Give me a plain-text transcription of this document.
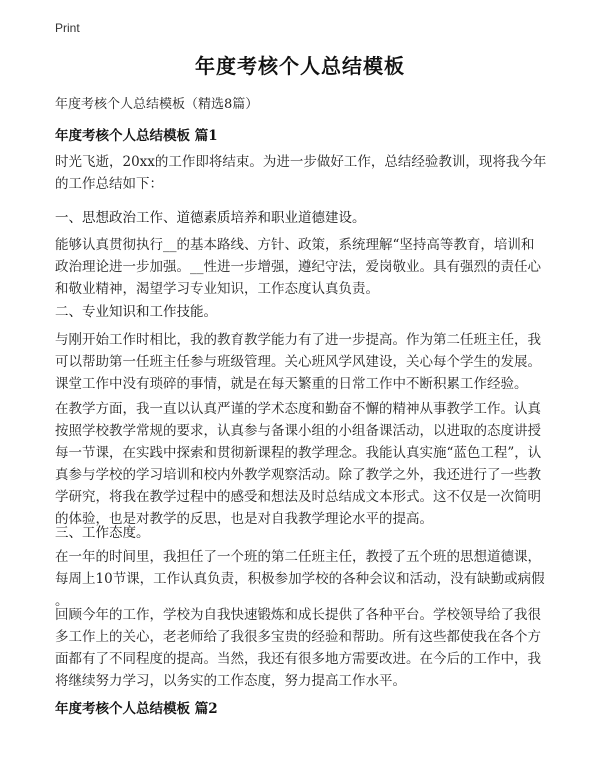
Print
年度考核个人总结模板
年度考核个人总结模板（精选8篇）
年度考核个人总结模板 篇1
时光飞逝，20xx的工作即将结束。为进一步做好工作，总结经验教训，现将我今年
的工作总结如下：
一、思想政治工作、道德素质培养和职业道德建设。
能够认真贯彻执行__的基本路线、方针、政策，系统理解“坚持高等教育，培训和
政治理论进一步加强。__性进一步增强，遵纪守法，爱岗敬业。具有强烈的责任心
和敬业精神，渴望学习专业知识，工作态度认真负责。
二、专业知识和工作技能。
与刚开始工作时相比，我的教育教学能力有了进一步提高。作为第二任班主任，我
可以帮助第一任班主任参与班级管理。关心班风学风建设，关心每个学生的发展。
课堂工作中没有琐碎的事情，就是在每天繁重的日常工作中不断积累工作经验。
在教学方面，我一直以认真严谨的学术态度和勤奋不懈的精神从事教学工作。认真
按照学校教学常规的要求，认真参与备课小组的小组备课活动，以进取的态度讲授
每一节课，在实践中探索和贯彻新课程的教学理念。我能认真实施“蓝色工程”，认
真参与学校的学习培训和校内外教学观察活动。除了教学之外，我还进行了一些教
学研究，将我在教学过程中的感受和想法及时总结成文本形式。这不仅是一次简明
的体验，也是对教学的反思，也是对自我教学理论水平的提高。
三、工作态度。
在一年的时间里，我担任了一个班的第二任班主任，教授了五个班的思想道德课，
每周上10节课，工作认真负责，积极参加学校的各种会议和活动，没有缺勤或病假
。
回顾今年的工作，学校为自我快速锻炼和成长提供了各种平台。学校领导给了我很
多工作上的关心，老老师给了我很多宝贵的经验和帮助。所有这些都使我在各个方
面都有了不同程度的提高。当然，我还有很多地方需要改进。在今后的工作中，我
将继续努力学习，以务实的工作态度，努力提高工作水平。
年度考核个人总结模板 篇2
